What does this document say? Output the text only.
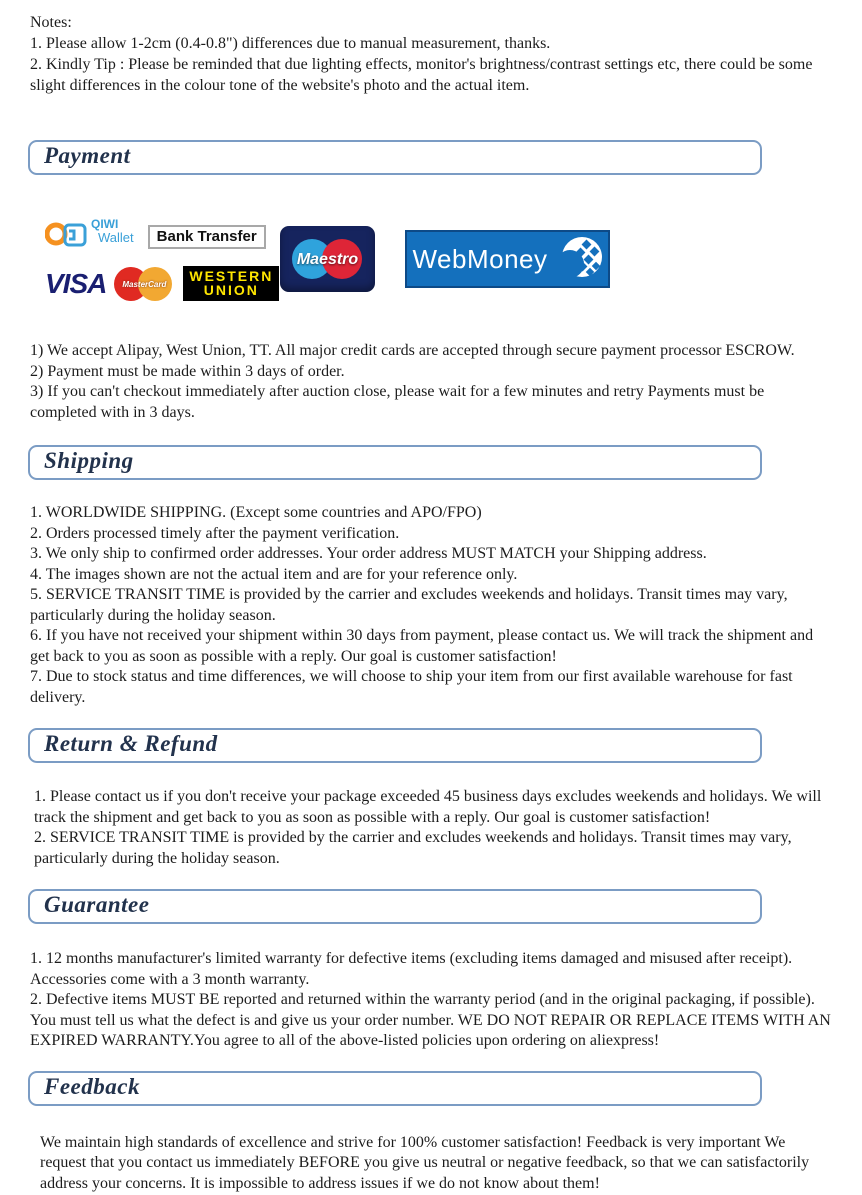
Notes:

1. Please allow 1-2cm (0.4-0.8") differences due to manual measurement, thanks.

2. Kindly Tip : Please be reminded that due lighting effects, monitor's brightness/contrast settings etc, there could be some slight differences in the colour tone of the website's photo and the actual item.

Payment
QIWI
Wallet	Bank Transfer
VISA	MasterCard	WESTERN
UNION
Maestro	WebMoney

1) We accept Alipay, West Union, TT. All major credit cards are accepted through secure payment processor ESCROW.

2) Payment must be made within 3 days of order.

3) If you can't checkout immediately after auction close, please wait for a few minutes and retry Payments must be completed with in 3 days.

Shipping

1. WORLDWIDE SHIPPING. (Except some countries and APO/FPO)

2. Orders processed timely after the payment verification.

3. We only ship to confirmed order addresses. Your order address MUST MATCH your Shipping address.

4. The images shown are not the actual item and are for your reference only.

5. SERVICE TRANSIT TIME is provided by the carrier and excludes weekends and holidays. Transit times may vary, particularly during the holiday season.

6. If you have not received your shipment within 30 days from payment, please contact us. We will track the shipment and get back to you as soon as possible with a reply. Our goal is customer satisfaction!

7. Due to stock status and time differences, we will choose to ship your item from our first available warehouse for fast delivery.

Return & Refund

1. Please contact us if you don't receive your package exceeded 45 business days excludes weekends and holidays. We will track the shipment and get back to you as soon as possible with a reply. Our goal is customer satisfaction!

2. SERVICE TRANSIT TIME is provided by the carrier and excludes weekends and holidays. Transit times may vary, particularly during the holiday season.

Guarantee

1. 12 months manufacturer's limited warranty for defective items (excluding items damaged and misused after receipt). Accessories come with a 3 month warranty.

2. Defective items MUST BE reported and returned within the warranty period (and in the original packaging, if possible). You must tell us what the defect is and give us your order number. WE DO NOT REPAIR OR REPLACE ITEMS WITH AN EXPIRED WARRANTY.You agree to all of the above-listed policies upon ordering on aliexpress!

Feedback

We maintain high standards of excellence and strive for 100% customer satisfaction! Feedback is very important We request that you contact us immediately BEFORE you give us neutral or negative feedback, so that we can satisfactorily address your concerns. It is impossible to address issues if we do not know about them!
